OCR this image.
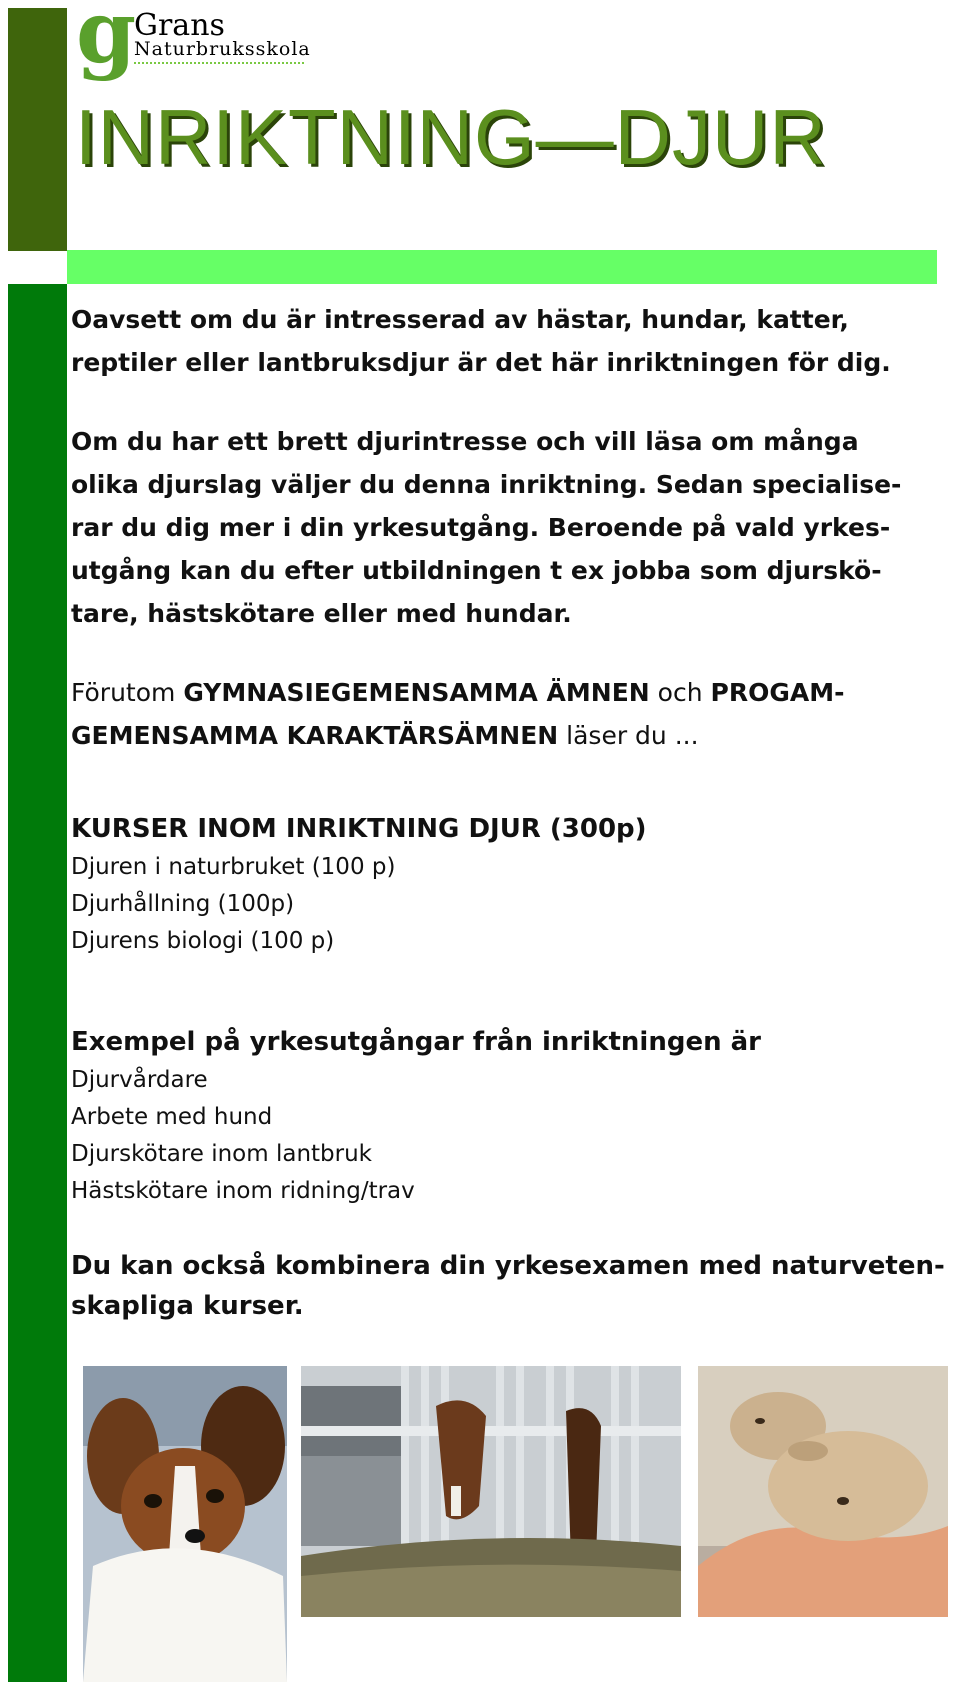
g
Grans
Naturbruksskola
INRIKTNING—DJUR

Oavsett om du är intresserad av hästar, hundar, katter,

reptiler eller lantbruksdjur är det här inriktningen för dig.

Om du har ett brett djurintresse och vill läsa om många

olika djurslag väljer du denna inriktning. Sedan specialise-

rar du dig mer i din yrkesutgång. Beroende på vald yrkes-

utgång kan du efter utbildningen t ex jobba som djurskö-

tare, hästskötare eller med hundar.

Förutom GYMNASIEGEMENSAMMA ÄMNEN och PROGAM-

GEMENSAMMA KARAKTÄRSÄMNEN läser du ...

KURSER INOM INRIKTNING DJUR (300p)

Djuren i naturbruket (100 p)

Djurhållning (100p)

Djurens biologi (100 p)

Exempel på yrkesutgångar från inriktningen är

Djurvårdare

Arbete med hund

Djurskötare inom lantbruk

Hästskötare inom ridning/trav

Du kan också kombinera din yrkesexamen med naturveten-

skapliga kurser.
